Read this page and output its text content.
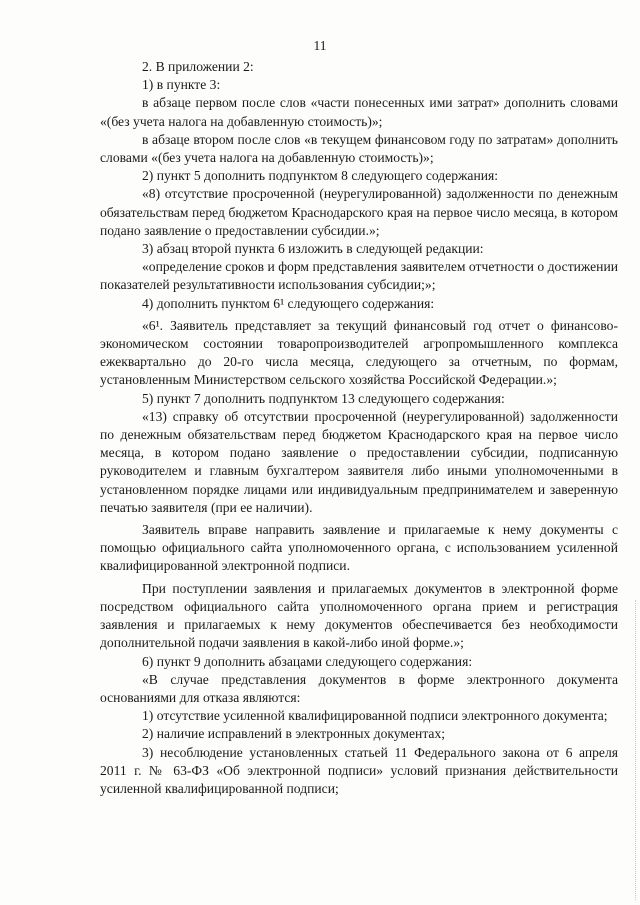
11

2. В приложении 2:

1) в пункте 3:

в абзаце первом после слов «части понесенных ими затрат» дополнить словами «(без учета налога на добавленную стоимость)»;

в абзаце втором после слов «в текущем финансовом году по затратам» дополнить словами «(без учета налога на добавленную стоимость)»;

2) пункт 5 дополнить подпунктом 8 следующего содержания:

«8) отсутствие просроченной (неурегулированной) задолженности по денежным обязательствам перед бюджетом Краснодарского края на первое число месяца, в котором подано заявление о предоставлении субсидии.»;

3) абзац второй пункта 6 изложить в следующей редакции:

«определение сроков и форм представления заявителем отчетности о достижении показателей результативности использования субсидии;»;

4) дополнить пунктом 6¹ следующего содержания:

«6¹. Заявитель представляет за текущий финансовый год отчет о финансово-экономическом состоянии товаропроизводителей агропромышленного комплекса ежеквартально до 20-го числа месяца, следующего за отчетным, по формам, установленным Министерством сельского хозяйства Российской Федерации.»;

5) пункт 7 дополнить подпунктом 13 следующего содержания:

«13) справку об отсутствии просроченной (неурегулированной) задолженности по денежным обязательствам перед бюджетом Краснодарского края на первое число месяца, в котором подано заявление о предоставлении субсидии, подписанную руководителем и главным бухгалтером заявителя либо иными уполномоченными в установленном порядке лицами или индивидуальным предпринимателем и заверенную печатью заявителя (при ее наличии).

Заявитель вправе направить заявление и прилагаемые к нему документы с помощью официального сайта уполномоченного органа, с использованием усиленной квалифицированной электронной подписи.

При поступлении заявления и прилагаемых документов в электронной форме посредством официального сайта уполномоченного органа прием и регистрация заявления и прилагаемых к нему документов обеспечивается без необходимости дополнительной подачи заявления в какой-либо иной форме.»;

6) пункт 9 дополнить абзацами следующего содержания:

«В случае представления документов в форме электронного документа основаниями для отказа являются:

1) отсутствие усиленной квалифицированной подписи электронного документа;

2) наличие исправлений в электронных документах;

3) несоблюдение установленных статьей 11 Федерального закона от 6 апреля 2011 г. № 63-ФЗ «Об электронной подписи» условий признания действительности усиленной квалифицированной подписи;
